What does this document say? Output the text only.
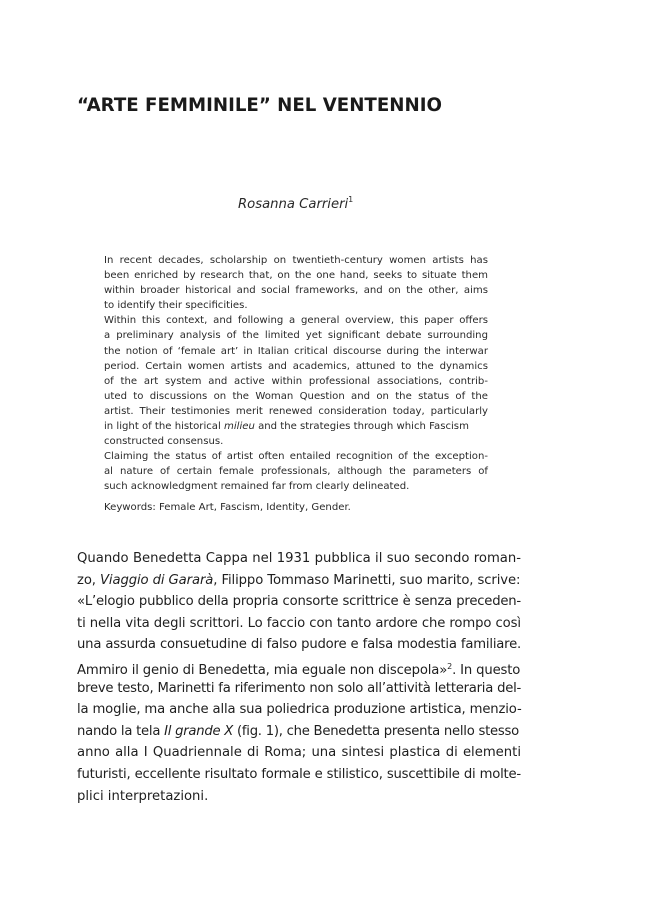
“ARTE FEMMINILE” NEL VENTENNIO
Rosanna Carrieri$^1$
In recent decades, scholarship on twentieth-century women artists has
been enriched by research that, on the one hand, seeks to situate them
within broader historical and social frameworks, and on the other, aims
to identify their specificities.
Within this context, and following a general overview, this paper offers
a preliminary analysis of the limited yet significant debate surrounding
the notion of ‘female art’ in Italian critical discourse during the interwar
period. Certain women artists and academics, attuned to the dynamics
of the art system and active within professional associations, contrib-
uted to discussions on the Woman Question and on the status of the
artist. Their testimonies merit renewed consideration today, particularly
in light of the historical milieu and the strategies through which Fascism
constructed consensus.
Claiming the status of artist often entailed recognition of the exception-
al nature of certain female professionals, although the parameters of
such acknowledgment remained far from clearly delineated.
Keywords: Female Art, Fascism, Identity, Gender.
Quando Benedetta Cappa nel 1931 pubblica il suo secondo roman-
zo, Viaggio di Gararà, Filippo Tommaso Marinetti, suo marito, scrive:
«L’elogio pubblico della propria consorte scrittrice è senza preceden-
ti nella vita degli scrittori. Lo faccio con tanto ardore che rompo così
una assurda consuetudine di falso pudore e falsa modestia familiare.
Ammiro il genio di Benedetta, mia eguale non discepola»$^2$. In questo
breve testo, Marinetti fa riferimento non solo all’attività letteraria del-
la moglie, ma anche alla sua poliedrica produzione artistica, menzio-
nando la tela Il grande X (fig. 1), che Benedetta presenta nello stesso
anno alla I Quadriennale di Roma; una sintesi plastica di elementi
futuristi, eccellente risultato formale e stilistico, suscettibile di molte-
plici interpretazioni.
